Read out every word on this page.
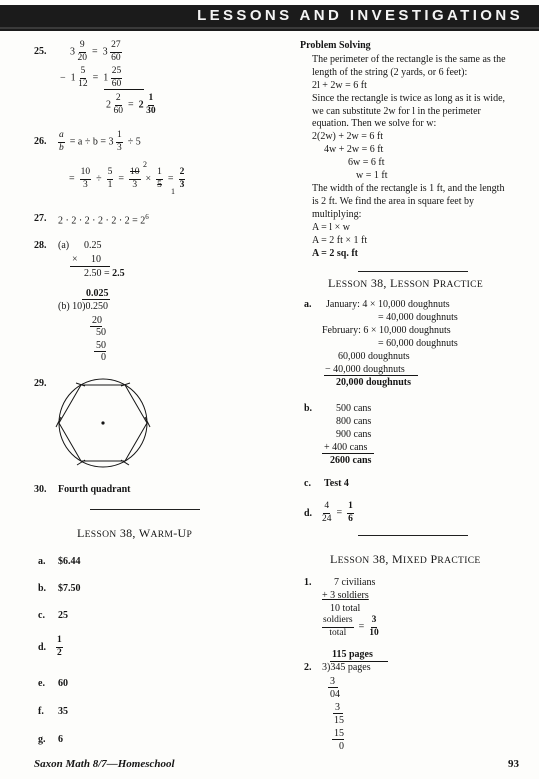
LESSONS AND INVESTIGATIONS
25. $3 \frac{9}{20} = 3 \frac{27}{60}$
− $1 \frac{5}{12} = 1 \frac{25}{60}$
$2 \frac{2}{60} = 2 \frac{1}{30}$
26. $\frac{a}{b} = a \div b = 3 \frac{1}{3} \div 5$
2
= $\frac{10}{3} \div \frac{5}{1} = \frac{10}{3} \times \frac{1}{5} = \frac{2}{3}$
1
27. $2 \cdot 2 \cdot 2 \cdot 2 \cdot 2 \cdot 2 = 2^6$
28. (a) 0.25
× 10
2.50 = 2.5
0.025
(b) 10)0.250
20
50
50
0
29.
30. Fourth quadrant
LESSON 38, WARM-UP
a. $6.44
b. $7.50
c. 25
d. $\frac{1}{2}$
e. 60
f. 35
g. 6
Problem Solving
The perimeter of the rectangle is the same as the
length of the string (2 yards, or 6 feet):
2l + 2w = 6 ft
Since the rectangle is twice as long as it is wide,
we can substitute 2w for l in the perimeter
equation. Then we solve for w:
2(2w) + 2w = 6 ft
4w + 2w = 6 ft
6w = 6 ft
w = 1 ft
The width of the rectangle is 1 ft, and the length
is 2 ft. We find the area in square feet by
multiplying:
A = l × w
A = 2 ft × 1 ft
A = 2 sq. ft
LESSON 38, LESSON PRACTICE
a. January: 4 × 10,000 doughnuts
= 40,000 doughnuts
February: 6 × 10,000 doughnuts
= 60,000 doughnuts
60,000 doughnuts
− 40,000 doughnuts
20,000 doughnuts
b. 500 cans
800 cans
900 cans
+ 400 cans
2600 cans
c. Test 4
d. $\frac{4}{24} = \frac{1}{6}$
LESSON 38, MIXED PRACTICE
1. 7 civilians
+ 3 soldiers
10 total
soldiers
total
= $\frac{3}{10}$
115 pages
2. 3)345 pages
3
04
3
15
15
0
Saxon Math 8/7—Homeschool	93
